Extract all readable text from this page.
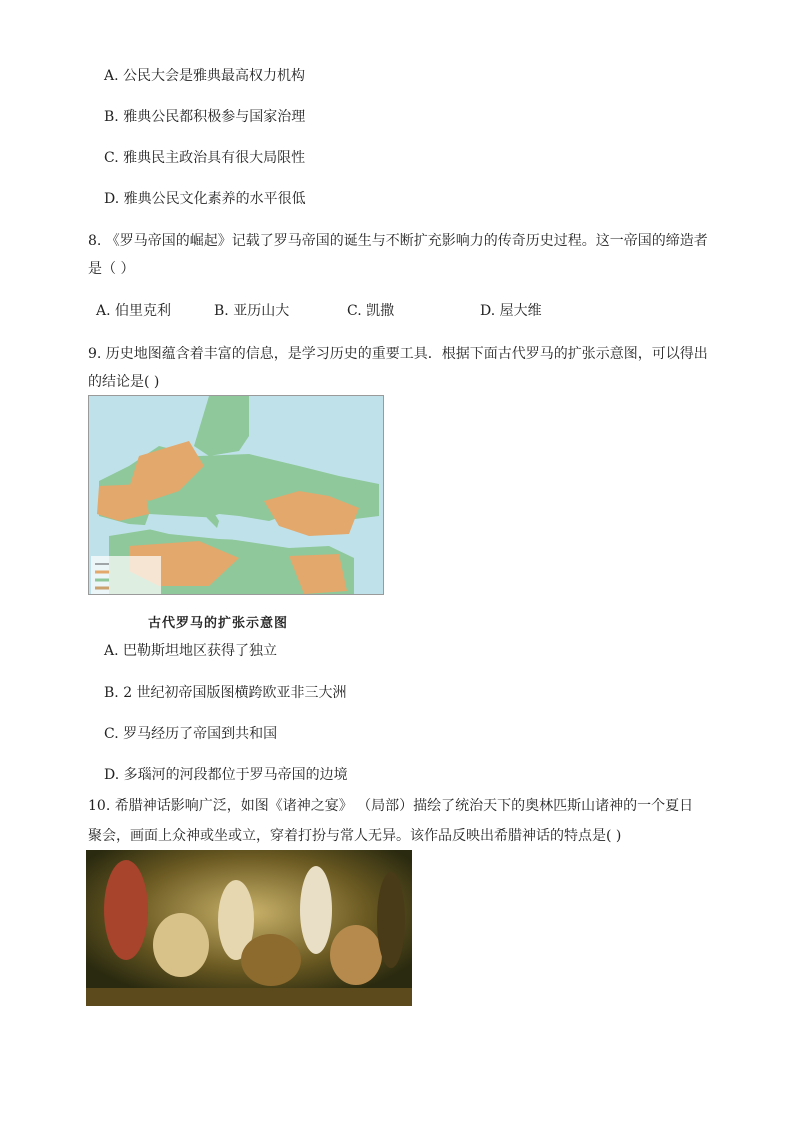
A. 公民大会是雅典最高权力机构
B. 雅典公民都积极参与国家治理
C. 雅典民主政治具有很大局限性
D. 雅典公民文化素养的水平很低
8. 《罗马帝国的崛起》记载了罗马帝国的诞生与不断扩充影响力的传奇历史过程。这一帝国的缔造者
是（ ）
A. 伯里克利	B. 亚历山大	C. 凯撒	D. 屋大维
9. 历史地图蕴含着丰富的信息，是学习历史的重要工具．根据下面古代罗马的扩张示意图，可以得出
的结论是( )
古代罗马的扩张示意图
A. 巴勒斯坦地区获得了独立
B. 2 世纪初帝国版图横跨欧亚非三大洲
C. 罗马经历了帝国到共和国
D. 多瑙河的河段都位于罗马帝国的边境
10. 希腊神话影响广泛，如图《诸神之宴》 （局部）描绘了统治天下的奥林匹斯山诸神的一个夏日
聚会，画面上众神或坐或立，穿着打扮与常人无异。该作品反映出希腊神话的特点是( )
